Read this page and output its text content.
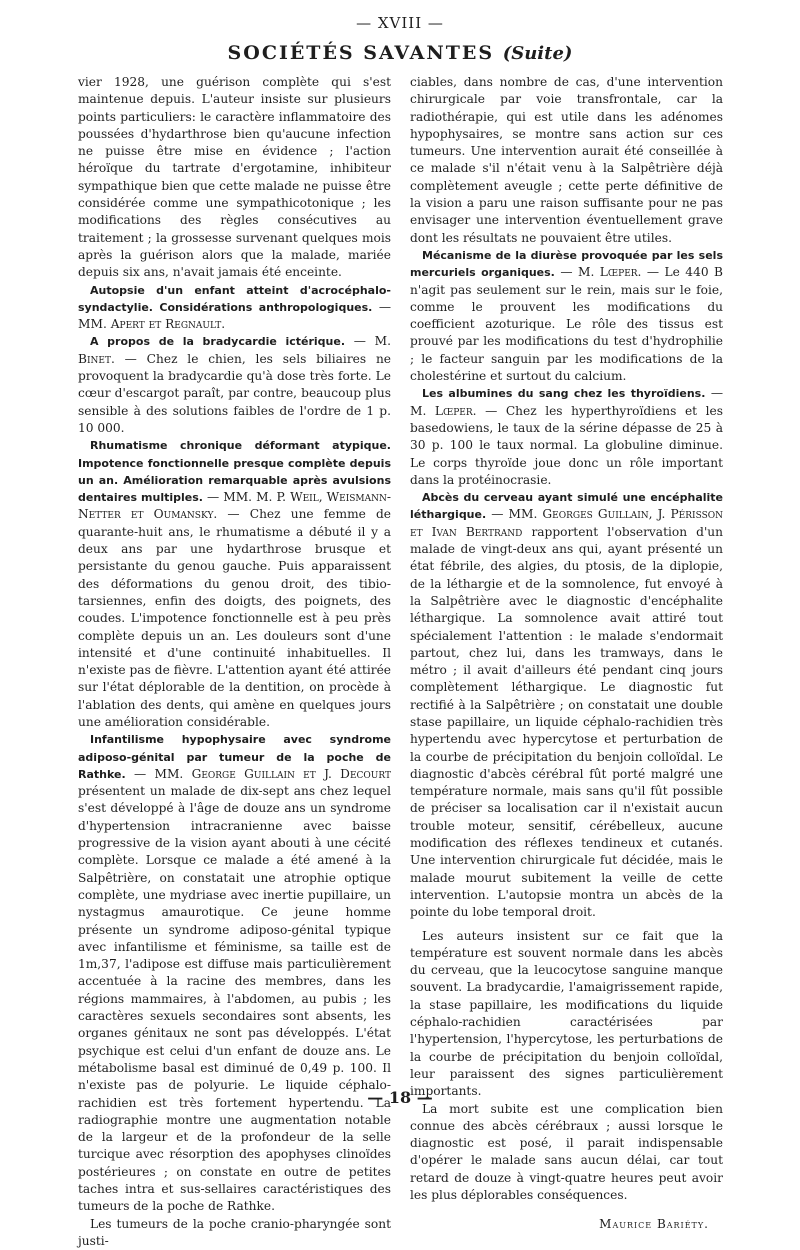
— XVIII —
SOCIÉTÉS SAVANTES (Suite)

vier 1928, une guérison complète qui s'est maintenue depuis. L'auteur insiste sur plusieurs points particuliers: le caractère inflammatoire des poussées d'hydarthrose bien qu'aucune infection ne puisse être mise en évidence ; l'action héroïque du tartrate d'ergotamine, inhibiteur sympathique bien que cette malade ne puisse être considérée comme une sympathicotonique ; les modifications des règles consécutives au traitement ; la grossesse survenant quelques mois après la guérison alors que la malade, mariée depuis six ans, n'avait jamais été enceinte.

Autopsie d'un enfant atteint d'acrocéphalo-syndactylie. Considérations anthropologiques. — MM. Apert et Regnault.

A propos de la bradycardie ictérique. — M. Binet. — Chez le chien, les sels biliaires ne provoquent la bradycardie qu'à dose très forte. Le cœur d'escargot paraît, par contre, beaucoup plus sensible à des solutions faibles de l'ordre de 1 p. 10 000.

Rhumatisme chronique déformant atypique. Impotence fonctionnelle presque complète depuis un an. Amélioration remarquable après avulsions dentaires multiples. — MM. M. P. Weil, Weismann-Netter et Oumansky. — Chez une femme de quarante-huit ans, le rhumatisme a débuté il y a deux ans par une hydarthrose brusque et persistante du genou gauche. Puis apparaissent des déformations du genou droit, des tibio-tarsiennes, enfin des doigts, des poignets, des coudes. L'impotence fonctionnelle est à peu près complète depuis un an. Les douleurs sont d'une intensité et d'une continuité inhabituelles. Il n'existe pas de fièvre. L'attention ayant été attirée sur l'état déplorable de la dentition, on procède à l'ablation des dents, qui amène en quelques jours une amélioration considérable.

Infantilisme hypophysaire avec syndrome adiposo-génital par tumeur de la poche de Rathke. — MM. George Guillain et J. Decourt présentent un malade de dix-sept ans chez lequel s'est développé à l'âge de douze ans un syndrome d'hypertension intracranienne avec baisse progressive de la vision ayant abouti à une cécité complète. Lorsque ce malade a été amené à la Salpêtrière, on constatait une atrophie optique complète, une mydriase avec inertie pupillaire, un nystagmus amaurotique. Ce jeune homme présente un syndrome adiposo-génital typique avec infantilisme et féminisme, sa taille est de 1m,37, l'adipose est diffuse mais particulièrement accentuée à la racine des membres, dans les régions mammaires, à l'abdomen, au pubis ; les caractères sexuels secondaires sont absents, les organes génitaux ne sont pas développés. L'état psychique est celui d'un enfant de douze ans. Le métabolisme basal est diminué de 0,49 p. 100. Il n'existe pas de polyurie. Le liquide céphalo-rachidien est très fortement hypertendu. La radiographie montre une augmentation notable de la largeur et de la profondeur de la selle turcique avec résorption des apophyses clinoïdes postérieures ; on constate en outre de petites taches intra et sus-sellaires caractéristiques des tumeurs de la poche de Rathke.

Les tumeurs de la poche cranio-pharyngée sont justi-

ciables, dans nombre de cas, d'une intervention chirurgicale par voie transfrontale, car la radiothérapie, qui est utile dans les adénomes hypophysaires, se montre sans action sur ces tumeurs. Une intervention aurait été conseillée à ce malade s'il n'était venu à la Salpêtrière déjà complètement aveugle ; cette perte définitive de la vision a paru une raison suffisante pour ne pas envisager une intervention éventuellement grave dont les résultats ne pouvaient être utiles.

Mécanisme de la diurèse provoquée par les sels mercuriels organiques. — M. Lœper. — Le 440 B n'agit pas seulement sur le rein, mais sur le foie, comme le prouvent les modifications du coefficient azoturique. Le rôle des tissus est prouvé par les modifications du test d'hydrophilie ; le facteur sanguin par les modifications de la cholestérine et surtout du calcium.

Les albumines du sang chez les thyroïdiens. — M. Lœper. — Chez les hyperthyroïdiens et les basedowiens, le taux de la sérine dépasse de 25 à 30 p. 100 le taux normal. La globuline diminue. Le corps thyroïde joue donc un rôle important dans la protéinocrasie.

Abcès du cerveau ayant simulé une encéphalite léthargique. — MM. Georges Guillain, J. Périsson et Ivan Bertrand rapportent l'observation d'un malade de vingt-deux ans qui, ayant présenté un état fébrile, des algies, du ptosis, de la diplopie, de la léthargie et de la somnolence, fut envoyé à la Salpêtrière avec le diagnostic d'encéphalite léthargique. La somnolence avait attiré tout spécialement l'attention : le malade s'endormait partout, chez lui, dans les tramways, dans le métro ; il avait d'ailleurs été pendant cinq jours complètement léthargique. Le diagnostic fut rectifié à la Salpêtrière ; on constatait une double stase papillaire, un liquide céphalo-rachidien très hypertendu avec hypercytose et perturbation de la courbe de précipitation du benjoin colloïdal. Le diagnostic d'abcès cérébral fût porté malgré une température normale, mais sans qu'il fût possible de préciser sa localisation car il n'existait aucun trouble moteur, sensitif, cérébelleux, aucune modification des réflexes tendineux et cutanés. Une intervention chirurgicale fut décidée, mais le malade mourut subitement la veille de cette intervention. L'autopsie montra un abcès de la pointe du lobe temporal droit.

Les auteurs insistent sur ce fait que la température est souvent normale dans les abcès du cerveau, que la leucocytose sanguine manque souvent. La bradycardie, l'amaigrissement rapide, la stase papillaire, les modifications du liquide céphalo-rachidien caractérisées par l'hypertension, l'hypercytose, les perturbations de la courbe de précipitation du benjoin colloïdal, leur paraissent des signes particulièrement importants.

La mort subite est une complication bien connue des abcès cérébraux ; aussi lorsque le diagnostic est posé, il parait indispensable d'opérer le malade sans aucun délai, car tout retard de douze à vingt-quatre heures peut avoir les plus déplorables conséquences.

Maurice Bariéty.
— 18 —
